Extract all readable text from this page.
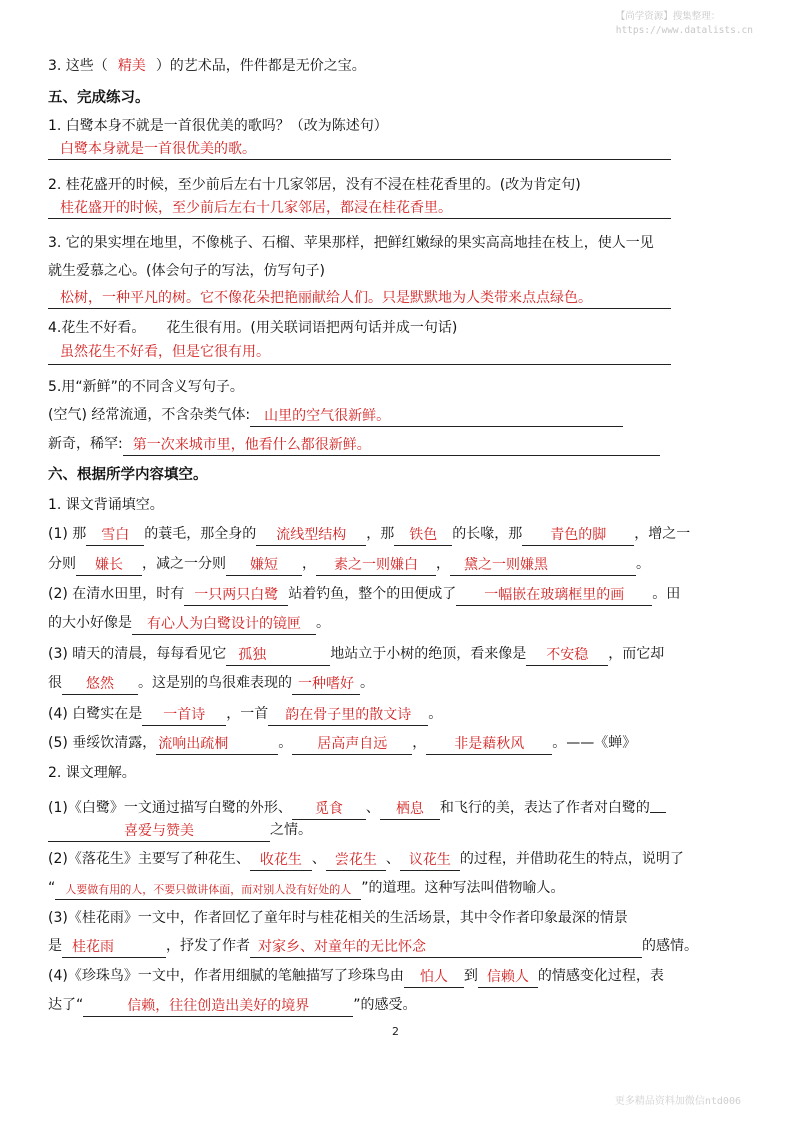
【尚学资源】搜集整理：
https://www.datalists.cn
3. 这些（ 精美 ）的艺术品，件件都是无价之宝。
五、完成练习。
1. 白鹭本身不就是一首很优美的歌吗？（改为陈述句）
白鹭本身就是一首很优美的歌。
2. 桂花盛开的时候，至少前后左右十几家邻居，没有不浸在桂花香里的。(改为肯定句)
桂花盛开的时候，至少前后左右十几家邻居，都浸在桂花香里。
3. 它的果实埋在地里，不像桃子、石榴、苹果那样，把鲜红嫩绿的果实高高地挂在枝上，使人一见
就生爱慕之心。(体会句子的写法，仿写句子)
松树，一种平凡的树。它不像花朵把艳丽献给人们。只是默默地为人类带来点点绿色。
4.花生不好看。　　花生很有用。(用关联词语把两句话并成一句话)
虽然花生不好看，但是它很有用。
5.用“新鲜”的不同含义写句子。
(空气) 经常流通，不含杂类气体: 山里的空气很新鲜。
新奇，稀罕: 第一次来城市里，他看什么都很新鲜。
六、根据所学内容填空。
1. 课文背诵填空。
(1) 那 雪白 的蓑毛，那全身的 流线型结构 ，那 铁色 的长喙，那 青色的脚 ，增之一
分则 嫌长 ，减之一分则 嫌短 ， 素之一则嫌白 ， 黛之一则嫌黑	。
(2) 在清水田里，时有 一只两只白鹭 站着钓鱼，整个的田便成了 一幅嵌在玻璃框里的画 。田
的大小好像是 有心人为白鹭设计的镜匣 。
(3) 晴天的清晨，每每看见它 孤独	地站立于小树的绝顶，看来像是 不安稳 ，而它却
很 悠然 。这是别的鸟很难表现的 一种嗜好 。
(4) 白鹭实在是 一首诗 ，一首 韵在骨子里的散文诗 。
(5) 垂绥饮清露， 流响出疏桐	。 居高声自远 ， 非是藉秋风 。——《蝉》
2. 课文理解。
(1)《白鹭》一文通过描写白鹭的外形、 觅食 、 栖息 和飞行的美，表达了作者对白鹭的
喜爱与赞美	之情。
(2)《落花生》主要写了种花生、 收花生 、 尝花生 、 议花生 的过程，并借助花生的特点，说明了
“ 人要做有用的人，不要只做讲体面，而对别人没有好处的人 ”的道理。这种写法叫借物喻人。
(3)《桂花雨》一文中，作者回忆了童年时与桂花相关的生活场景，其中令作者印象最深的情景
是 桂花雨	，抒发了作者 对家乡、对童年的无比怀念	的感情。
(4)《珍珠鸟》一文中，作者用细腻的笔触描写了珍珠鸟由 怕人 到 信赖人 的情感变化过程，表
达了“	信赖，往往创造出美好的境界	”的感受。
2
更多精品资料加微信ntd006
